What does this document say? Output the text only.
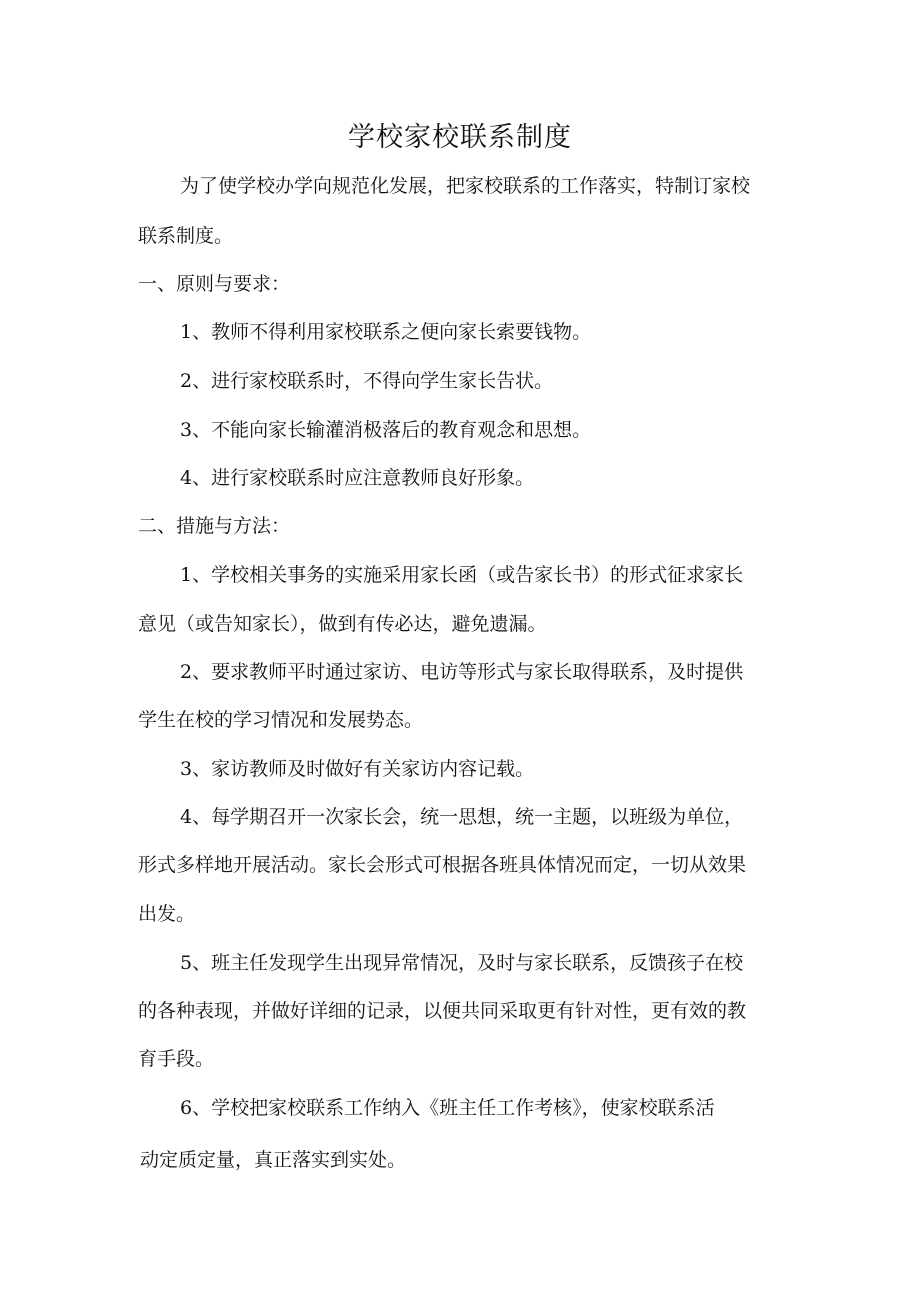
学校家校联系制度

为了使学校办学向规范化发展，把家校联系的工作落实，特制订家校

联系制度。

一、原则与要求：

1、教师不得利用家校联系之便向家长索要钱物。

2、进行家校联系时，不得向学生家长告状。

3、不能向家长输灌消极落后的教育观念和思想。

4、进行家校联系时应注意教师良好形象。

二、措施与方法：

1、学校相关事务的实施采用家长函（或告家长书）的形式征求家长

意见（或告知家长），做到有传必达，避免遗漏。

2、要求教师平时通过家访、电访等形式与家长取得联系，及时提供

学生在校的学习情况和发展势态。

3、家访教师及时做好有关家访内容记载。

4、每学期召开一次家长会，统一思想，统一主题，以班级为单位，

形式多样地开展活动。家长会形式可根据各班具体情况而定，一切从效果

出发。

5、班主任发现学生出现异常情况，及时与家长联系，反馈孩子在校

的各种表现，并做好详细的记录，以便共同采取更有针对性，更有效的教

育手段。

6、学校把家校联系工作纳入《班主任工作考核》，使家校联系活

动定质定量，真正落实到实处。
